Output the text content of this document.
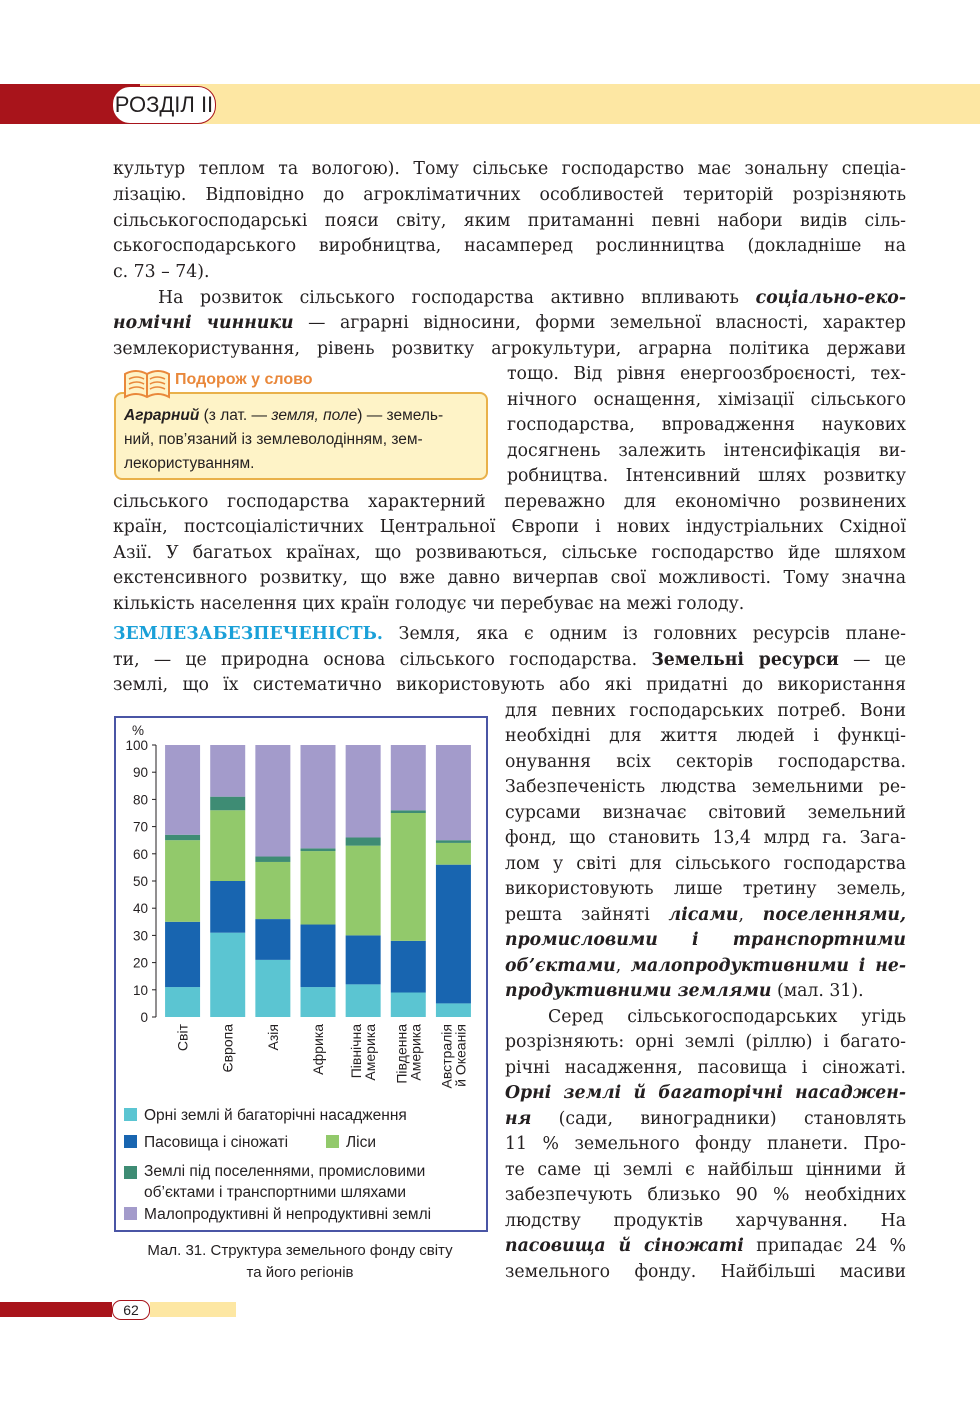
РОЗДІЛ II
культур теплом та вологою). Тому сільське господарство має зональну спеціа-
лізацію. Відповідно до агрокліматичних особливостей територій розрізняють
сільськогосподарські пояси світу, яким притаманні певні набори видів сіль-
ськогосподарського виробництва, насамперед рослинництва (докладніше на
с. 73 – 74).
На розвиток сільського господарства активно впливають соціально-еко-
номічні чинники — аграрні відносини, форми земельної власності, характер
землекористування, рівень розвитку агрокультури, аграрна політика держави
тощо. Від рівня енергоозброєності, тех-
нічного оснащення, хімізації сільського
господарства, впровадження наукових
досягнень залежить інтенсифікація ви-
робництва. Інтенсивний шлях розвитку
сільського господарства характерний переважно для економічно розвинених
країн, постсоціалістичних Центральної Європи і нових індустріальних Східної
Азії. У багатьох країнах, що розвиваються, сільське господарство йде шляхом
екстенсивного розвитку, що вже давно вичерпав свої можливості. Тому значна
кількість населення цих країн голодує чи перебуває на межі голоду.
Подорож у слово
Аграрний (з лат. — земля, поле) — земель-
ний, пов’язаний із землеволодінням, зем-
лекористуванням.
ЗЕМЛЕЗАБЕЗПЕЧЕНІСТЬ. Земля, яка є одним із головних ресурсів плане-
ти, — це природна основа сільського господарства. Земельні ресурси — це
землі, що їх систематично використовують або які придатні до використання
для певних господарських потреб. Вони
необхідні для життя людей і функці-
онування всіх секторів господарства.
Забезпеченість людства земельними ре-
сурсами визначає світовий земельний
фонд, що становить 13,4 млрд га. Зага-
лом у світі для сільського господарства
використовують лише третину земель,
решта зайняті лісами, поселеннями,
промисловими і транспортними
об’єктами, малопродуктивними і не-
продуктивними землями (мал. 31).
Серед сільськогосподарських угідь
розрізняють: орні землі (ріллю) і багато-
річні насадження, пасовища і сіножаті.
Орні землі й багаторічні насаджен-
ня (сади, виноградники) становлять
11 % земельного фонду планети. Про-
те саме ці землі є найбільш цінними й
забезпечують близько 90 % необхідних
людству продуктів харчування. На
пасовища й сіножаті припадає 24 %
земельного фонду. Найбільші масиви
0
10
20
30
40
50
60
70
80
90
100
Світ Європа Азія Африка ПівнічнаАмерика ПівденнаАмерика Австраліяй Океанія
%
Орні землі й багаторічні насадження
Пасовища і сіножаті	Ліси
Землі під поселеннями, промисловими
об’єктами і транспортними шляхами
Малопродуктивні й непродуктивні землі
Мал. 31. Структура земельного фонду світу
та його регіонів
62
